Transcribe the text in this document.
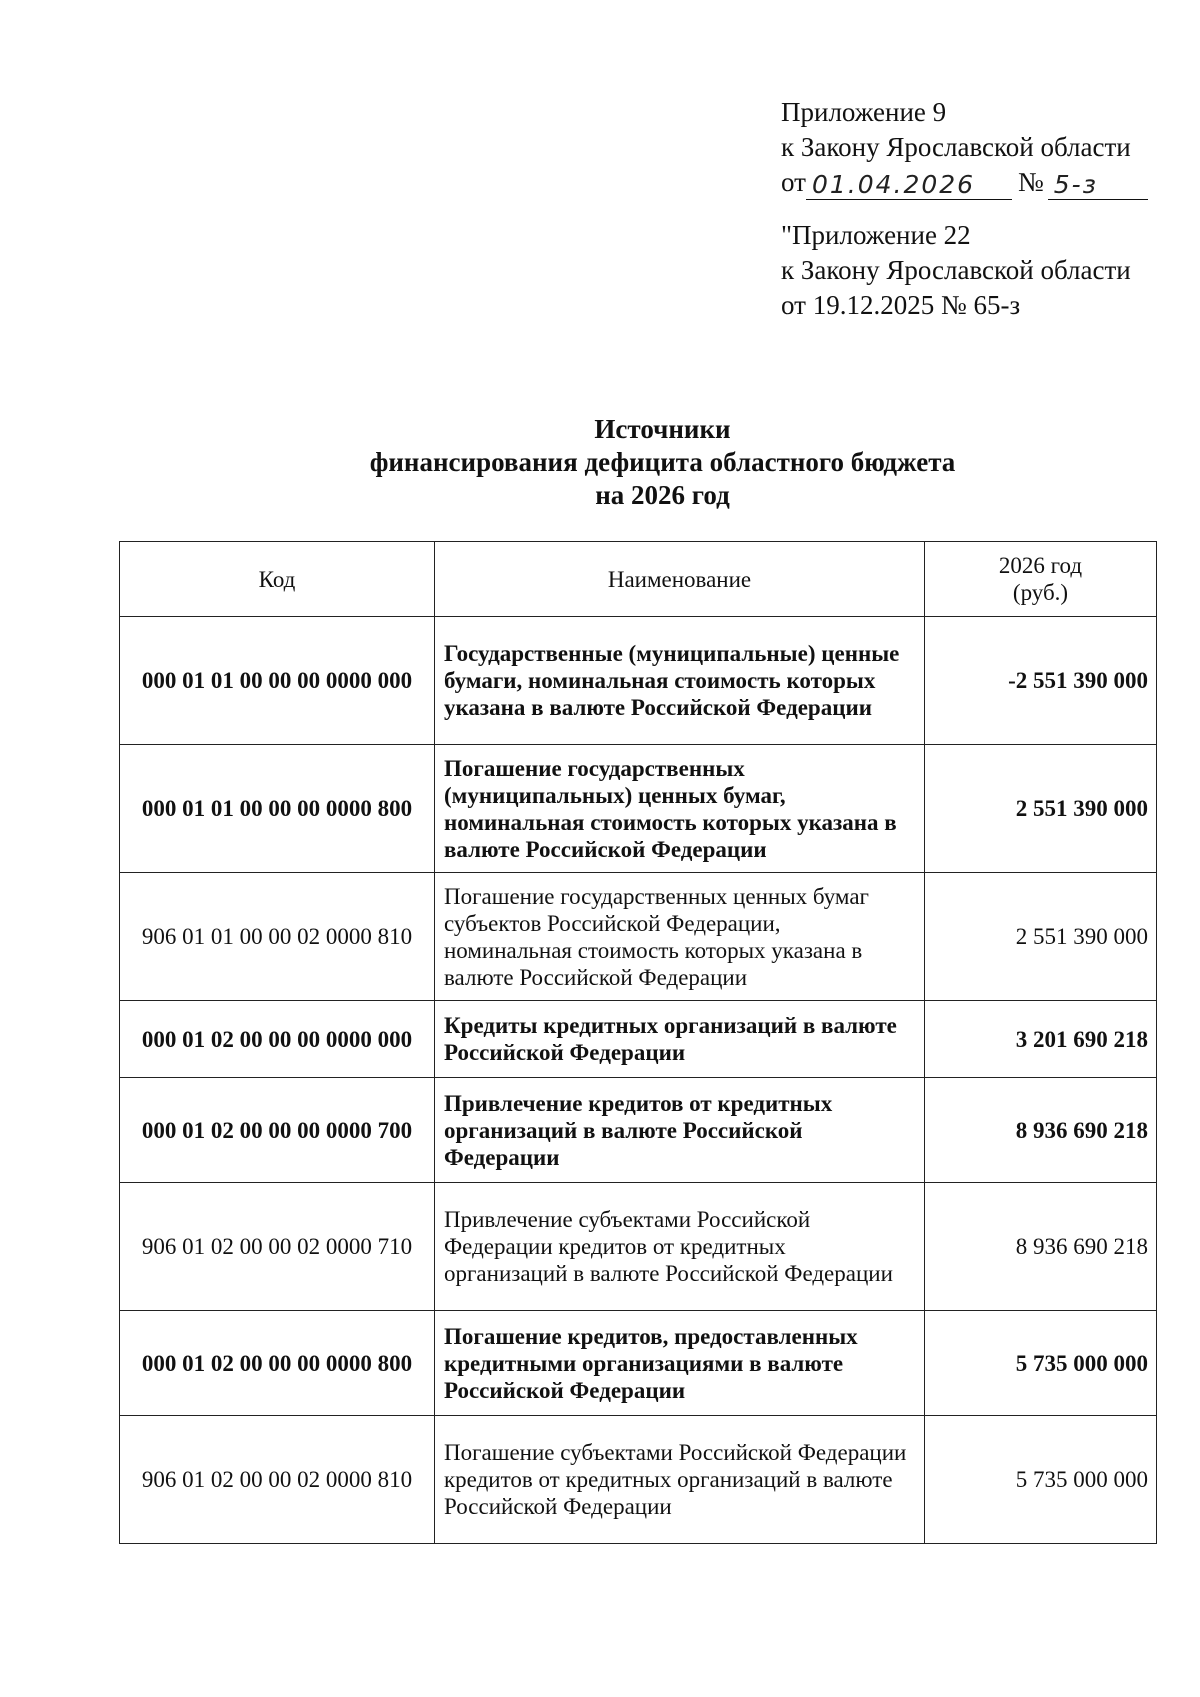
Приложение 9
к Закону Ярославской области
от 01.04.2026	№ 5-з
"Приложение 22
к Закону Ярославской области
от 19.12.2025 № 65-з
Источники
финансирования дефицита областного бюджета
на 2026 год
Код	Наименование	2026 год
(руб.)

000 01 01 00 00 00 0000 000	Государственные (муниципальные) ценные бумаги, номинальная стоимость которых указана в валюте Российской Федерации	-2 551 390 000
000 01 01 00 00 00 0000 800	Погашение государственных (муниципальных) ценных бумаг, номинальная стоимость которых указана в валюте Российской Федерации	2 551 390 000
906 01 01 00 00 02 0000 810	Погашение государственных ценных бумаг субъектов Российской Федерации, номинальная стоимость которых указана в валюте Российской Федерации	2 551 390 000
000 01 02 00 00 00 0000 000	Кредиты кредитных организаций в валюте Российской Федерации	3 201 690 218
000 01 02 00 00 00 0000 700	Привлечение кредитов от кредитных организаций в валюте Российской Федерации	8 936 690 218
906 01 02 00 00 02 0000 710	Привлечение субъектами Российской Федерации кредитов от кредитных организаций в валюте Российской Федерации	8 936 690 218
000 01 02 00 00 00 0000 800	Погашение кредитов, предоставленных кредитными организациями в валюте Российской Федерации	5 735 000 000
906 01 02 00 00 02 0000 810	Погашение субъектами Российской Федерации кредитов от кредитных организаций в валюте Российской Федерации	5 735 000 000
